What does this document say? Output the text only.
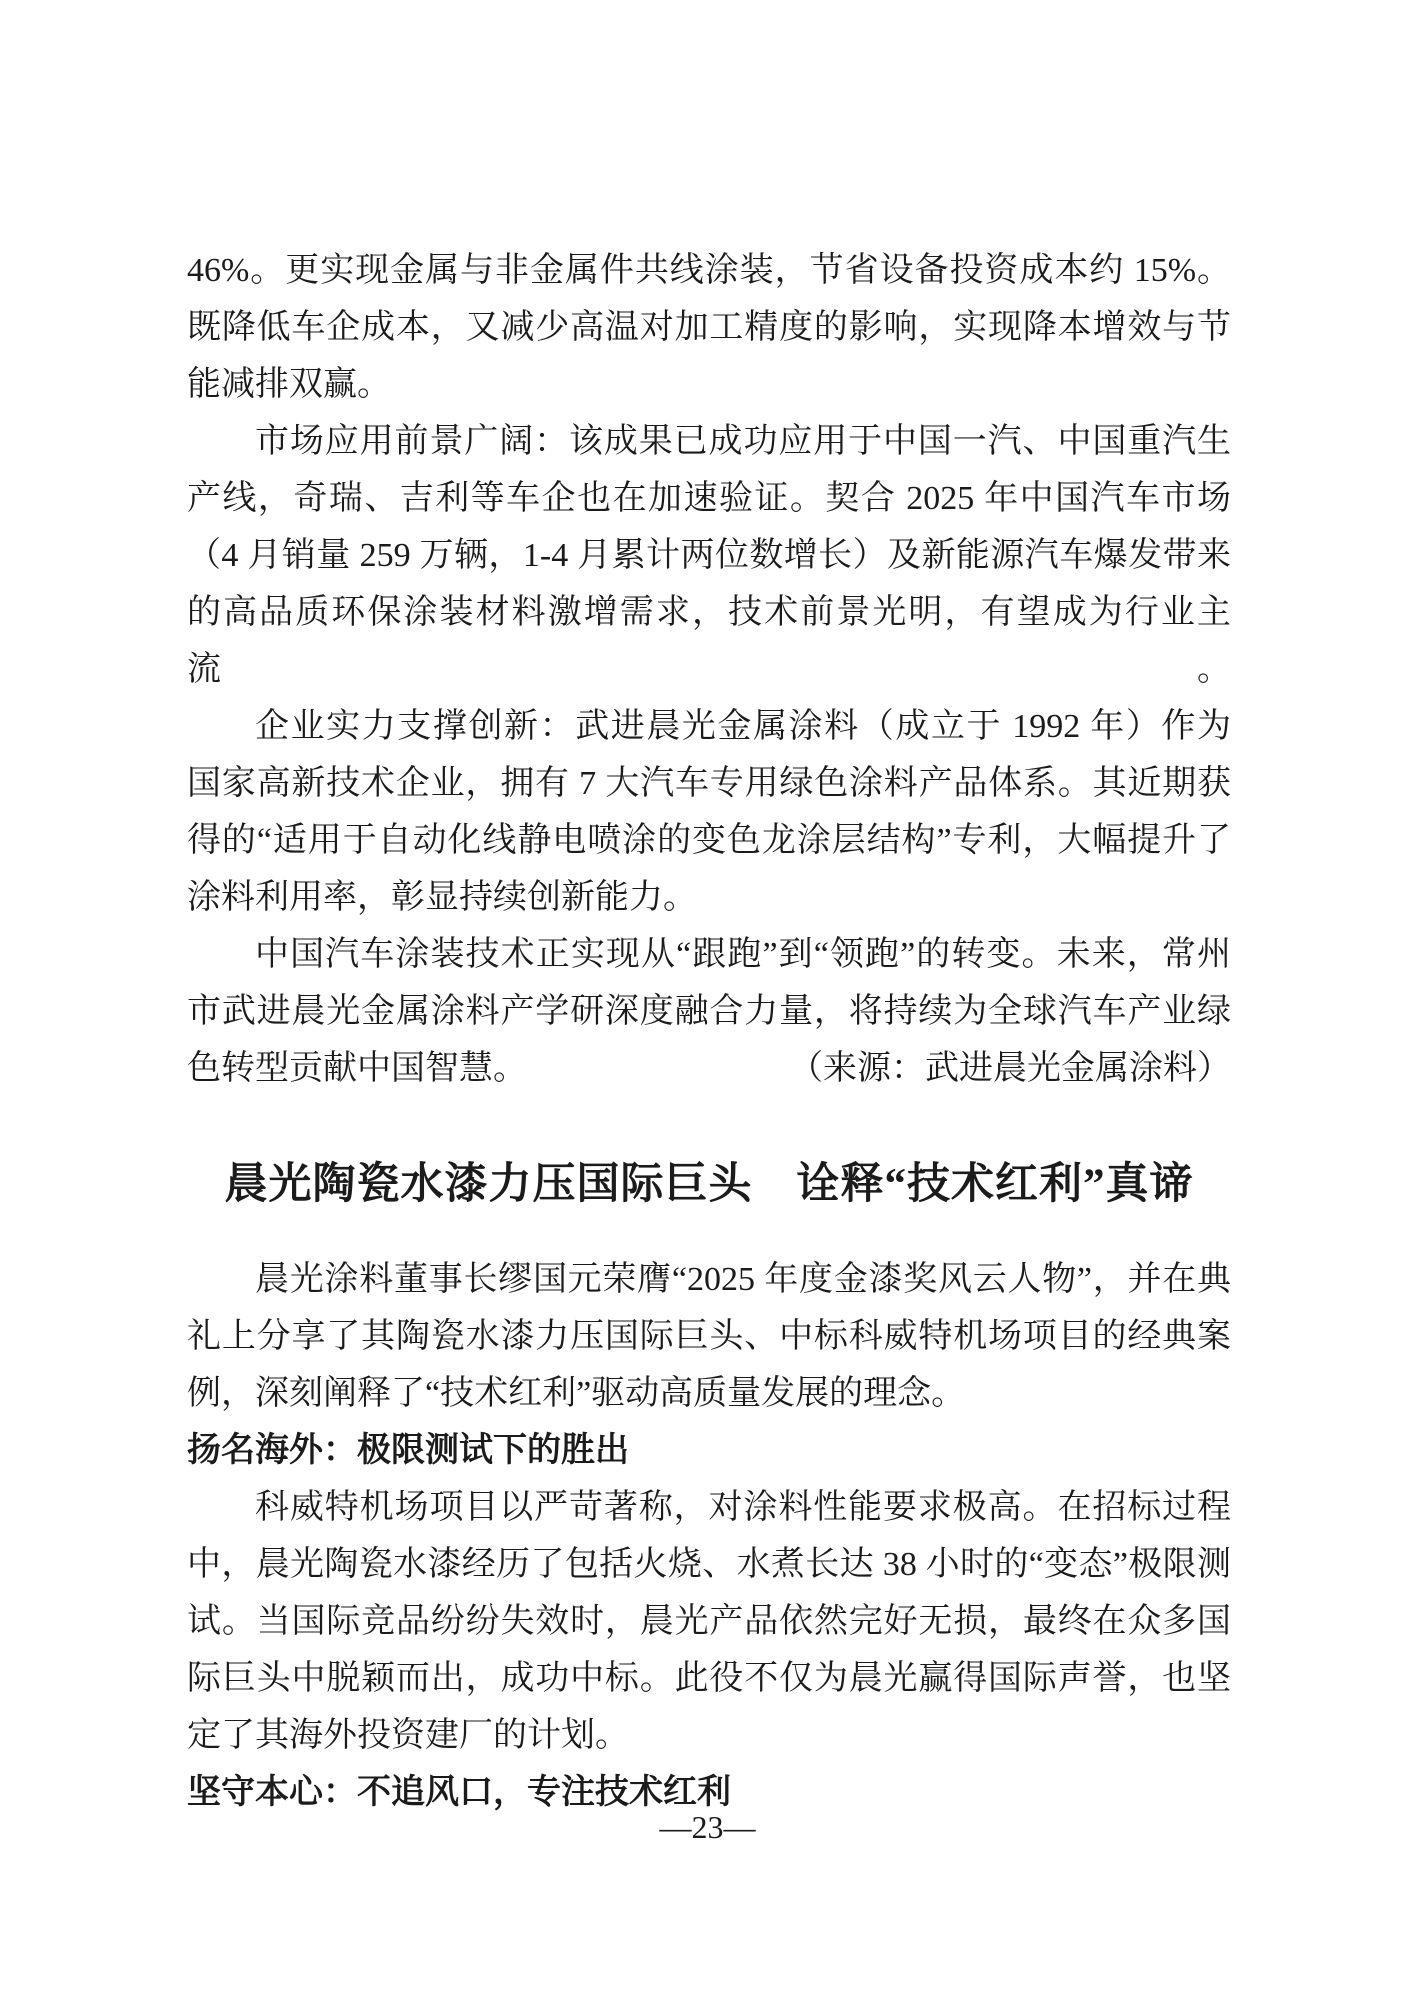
46%。更实现金属与非金属件共线涂装，节省设备投资成本约 15%。
既降低车企成本，又减少高温对加工精度的影响，实现降本增效与节
能减排双赢。
市场应用前景广阔：该成果已成功应用于中国一汽、中国重汽生
产线，奇瑞、吉利等车企也在加速验证。契合 2025 年中国汽车市场
（4 月销量 259 万辆，1-4 月累计两位数增长）及新能源汽车爆发带来
的高品质环保涂装材料激增需求，技术前景光明，有望成为行业主流。
企业实力支撑创新：武进晨光金属涂料（成立于 1992 年）作为
国家高新技术企业，拥有 7 大汽车专用绿色涂料产品体系。其近期获
得的“适用于自动化线静电喷涂的变色龙涂层结构”专利，大幅提升了
涂料利用率，彰显持续创新能力。
中国汽车涂装技术正实现从“跟跑”到“领跑”的转变。未来，常州
市武进晨光金属涂料产学研深度融合力量，将持续为全球汽车产业绿
色转型贡献中国智慧。	（来源：武进晨光金属涂料）
晨光陶瓷水漆力压国际巨头　诠释“技术红利”真谛
晨光涂料董事长缪国元荣膺“2025 年度金漆奖风云人物”，并在典
礼上分享了其陶瓷水漆力压国际巨头、中标科威特机场项目的经典案
例，深刻阐释了“技术红利”驱动高质量发展的理念。
扬名海外：极限测试下的胜出
科威特机场项目以严苛著称，对涂料性能要求极高。在招标过程
中，晨光陶瓷水漆经历了包括火烧、水煮长达 38 小时的“变态”极限测
试。当国际竞品纷纷失效时，晨光产品依然完好无损，最终在众多国
际巨头中脱颖而出，成功中标。此役不仅为晨光赢得国际声誉，也坚
定了其海外投资建厂的计划。
坚守本心：不追风口，专注技术红利
—23—
